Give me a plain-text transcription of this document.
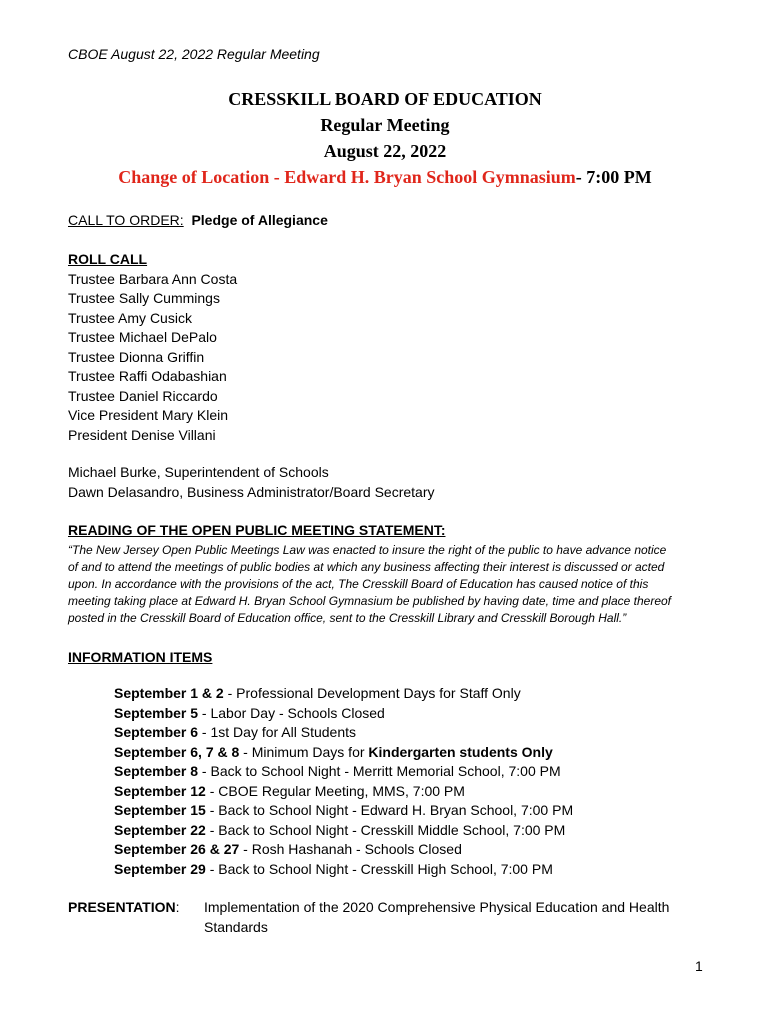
CBOE August 22, 2022 Regular Meeting
CRESSKILL BOARD OF EDUCATION
Regular Meeting
August 22, 2022
Change of Location - Edward H. Bryan School Gymnasium- 7:00 PM
CALL TO ORDER: Pledge of Allegiance
ROLL CALL
Trustee Barbara Ann Costa
Trustee Sally Cummings
Trustee Amy Cusick
Trustee Michael DePalo
Trustee Dionna Griffin
Trustee Raffi Odabashian
Trustee Daniel Riccardo
Vice President Mary Klein
President Denise Villani
Michael Burke, Superintendent of Schools
Dawn Delasandro, Business Administrator/Board Secretary
READING OF THE OPEN PUBLIC MEETING STATEMENT:
“The New Jersey Open Public Meetings Law was enacted to insure the right of the public to have advance notice
of and to attend the meetings of public bodies at which any business affecting their interest is discussed or acted
upon. In accordance with the provisions of the act, The Cresskill Board of Education has caused notice of this
meeting taking place at Edward H. Bryan School Gymnasium be published by having date, time and place thereof
posted in the Cresskill Board of Education office, sent to the Cresskill Library and Cresskill Borough Hall.”
INFORMATION ITEMS
September 1 & 2 - Professional Development Days for Staff Only
September 5 - Labor Day - Schools Closed
September 6 - 1st Day for All Students
September 6, 7 & 8 - Minimum Days for Kindergarten students Only
September 8 - Back to School Night - Merritt Memorial School, 7:00 PM
September 12 - CBOE Regular Meeting, MMS, 7:00 PM
September 15 - Back to School Night - Edward H. Bryan School, 7:00 PM
September 22 - Back to School Night - Cresskill Middle School, 7:00 PM
September 26 & 27 - Rosh Hashanah - Schools Closed
September 29 - Back to School Night - Cresskill High School, 7:00 PM
PRESENTATION: Implementation of the 2020 Comprehensive Physical Education and Health
Standards
1
